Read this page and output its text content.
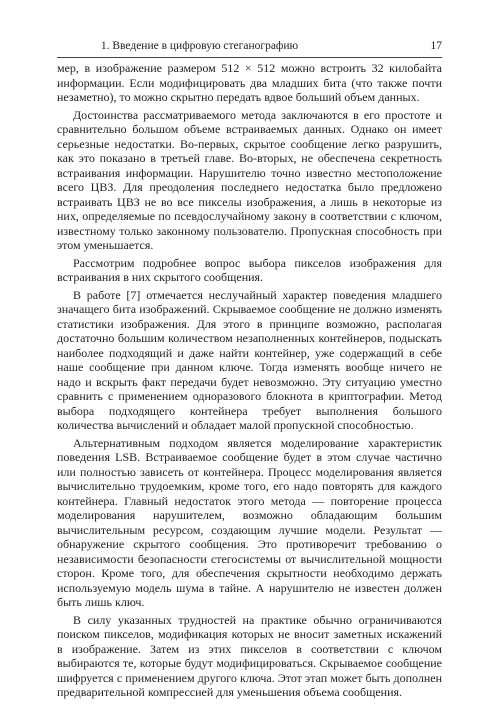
1. Введение в цифровую стеганографию	17

мер, в изображение размером 512 × 512 можно встроить 32 килобайта информации. Если модифицировать два младших бита (что также почти незаметно), то можно скрытно передать вдвое больший объем данных.

Достоинства рассматриваемого метода заключаются в его простоте и сравнительно большом объеме встраиваемых данных. Однако он имеет серьезные недостатки. Во-первых, скрытое сообщение легко разрушить, как это показано в третьей главе. Во-вторых, не обеспечена секретность встраивания информации. Нарушителю точно известно местоположение всего ЦВЗ. Для преодоления последнего недостатка было предложено встраивать ЦВЗ не во все пикселы изображения, а лишь в некоторые из них, определяемые по псевдослучайному закону в соответствии с ключом, известному только законному пользователю. Пропускная способность при этом уменьшается.

Рассмотрим подробнее вопрос выбора пикселов изображения для встраивания в них скрытого сообщения.

В работе [7] отмечается неслучайный характер поведения младшего значащего бита изображений. Скрываемое сообщение не должно изменять статистики изображения. Для этого в принципе возможно, располагая достаточно большим количеством незаполненных контейнеров, подыскать наиболее подходящий и даже найти контейнер, уже содержащий в себе наше сообщение при данном ключе. Тогда изменять вообще ничего не надо и вскрыть факт передачи будет невозможно. Эту ситуацию уместно сравнить с применением одноразового блокнота в криптографии. Метод выбора подходящего контейнера требует выполнения большого количества вычислений и обладает малой пропускной способностью.

Альтернативным подходом является моделирование характеристик поведения LSB. Встраиваемое сообщение будет в этом случае частично или полностью зависеть от контейнера. Процесс моделирования является вычислительно трудоемким, кроме того, его надо повторять для каждого контейнера. Главный недостаток этого метода — повторение процесса моделирования нарушителем, возможно обладающим большим вычислительным ресурсом, создающим лучшие модели. Результат — обнаружение скрытого сообщения. Это противоречит требованию о независимости безопасности стегосистемы от вычислительной мощности сторон. Кроме того, для обеспечения скрытности необходимо держать используемую модель шума в тайне. А нарушителю не известен должен быть лишь ключ.

В силу указанных трудностей на практике обычно ограничиваются поиском пикселов, модификация которых не вносит заметных искажений в изображение. Затем из этих пикселов в соответствии с ключом выбираются те, которые будут модифицироваться. Скрываемое сообщение шифруется с применением другого ключа. Этот этап может быть дополнен предварительной компрессией для уменьшения объема сообщения.
